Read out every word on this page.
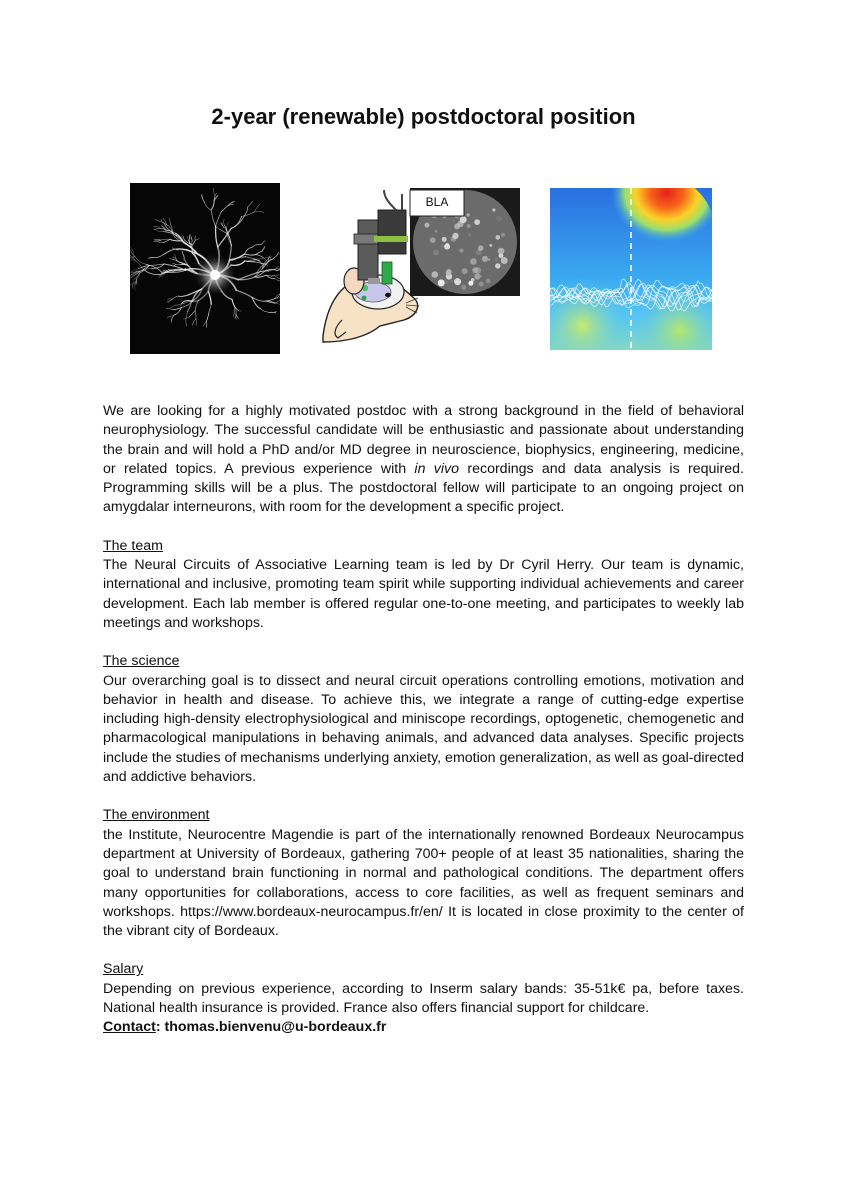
2-year (renewable) postdoctoral position
BLA

We are looking for a highly motivated postdoc with a strong background in the field of behavioral neurophysiology. The successful candidate will be enthusiastic and passionate about understanding the brain and will hold a PhD and/or MD degree in neuroscience, biophysics, engineering, medicine, or related topics. A previous experience with in vivo recordings and data analysis is required. Programming skills will be a plus. The postdoctoral fellow will participate to an ongoing project on amygdalar interneurons, with room for the development a specific project.

The team

The Neural Circuits of Associative Learning team is led by Dr Cyril Herry. Our team is dynamic, international and inclusive, promoting team spirit while supporting individual achievements and career development. Each lab member is offered regular one-to-one meeting, and participates to weekly lab meetings and workshops.

The science

Our overarching goal is to dissect and neural circuit operations controlling emotions, motivation and behavior in health and disease. To achieve this, we integrate a range of cutting-edge expertise including high-density electrophysiological and miniscope recordings, optogenetic, chemogenetic and pharmacological manipulations in behaving animals, and advanced data analyses. Specific projects include the studies of mechanisms underlying anxiety, emotion generalization, as well as goal-directed and addictive behaviors.

The environment

the Institute, Neurocentre Magendie is part of the internationally renowned Bordeaux Neurocampus department at University of Bordeaux, gathering 700+ people of at least 35 nationalities, sharing the goal to understand brain functioning in normal and pathological conditions. The department offers many opportunities for collaborations, access to core facilities, as well as frequent seminars and workshops. https://www.bordeaux-neurocampus.fr/en/ It is located in close proximity to the center of the vibrant city of Bordeaux.

Salary

Depending on previous experience, according to Inserm salary bands: 35-51k€ pa, before taxes. National health insurance is provided. France also offers financial support for childcare.

Contact: thomas.bienvenu@u-bordeaux.fr
